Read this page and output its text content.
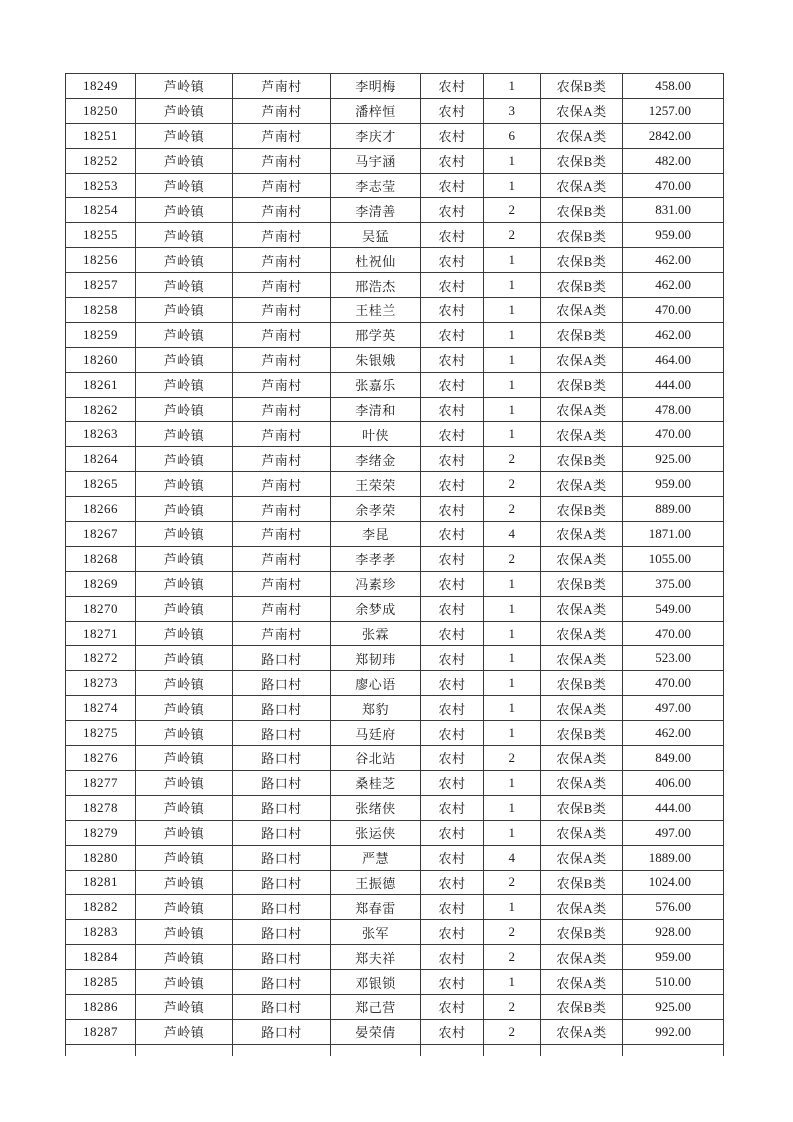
18249	芦岭镇	芦南村	李明梅	农村	1	农保B类	458.00
18250	芦岭镇	芦南村	潘梓恒	农村	3	农保A类	1257.00
18251	芦岭镇	芦南村	李庆才	农村	6	农保A类	2842.00
18252	芦岭镇	芦南村	马宇涵	农村	1	农保B类	482.00
18253	芦岭镇	芦南村	李志莹	农村	1	农保A类	470.00
18254	芦岭镇	芦南村	李清善	农村	2	农保B类	831.00
18255	芦岭镇	芦南村	吴猛	农村	2	农保B类	959.00
18256	芦岭镇	芦南村	杜祝仙	农村	1	农保B类	462.00
18257	芦岭镇	芦南村	邢浩杰	农村	1	农保B类	462.00
18258	芦岭镇	芦南村	王桂兰	农村	1	农保A类	470.00
18259	芦岭镇	芦南村	邢学英	农村	1	农保B类	462.00
18260	芦岭镇	芦南村	朱银娥	农村	1	农保A类	464.00
18261	芦岭镇	芦南村	张嘉乐	农村	1	农保B类	444.00
18262	芦岭镇	芦南村	李清和	农村	1	农保A类	478.00
18263	芦岭镇	芦南村	叶侠	农村	1	农保A类	470.00
18264	芦岭镇	芦南村	李绪金	农村	2	农保B类	925.00
18265	芦岭镇	芦南村	王荣荣	农村	2	农保A类	959.00
18266	芦岭镇	芦南村	余孝荣	农村	2	农保B类	889.00
18267	芦岭镇	芦南村	李昆	农村	4	农保A类	1871.00
18268	芦岭镇	芦南村	李孝孝	农村	2	农保A类	1055.00
18269	芦岭镇	芦南村	冯素珍	农村	1	农保B类	375.00
18270	芦岭镇	芦南村	余梦成	农村	1	农保A类	549.00
18271	芦岭镇	芦南村	张霖	农村	1	农保A类	470.00
18272	芦岭镇	路口村	郑韧玮	农村	1	农保A类	523.00
18273	芦岭镇	路口村	廖心语	农村	1	农保B类	470.00
18274	芦岭镇	路口村	郑豹	农村	1	农保A类	497.00
18275	芦岭镇	路口村	马廷府	农村	1	农保B类	462.00
18276	芦岭镇	路口村	谷北站	农村	2	农保A类	849.00
18277	芦岭镇	路口村	桑桂芝	农村	1	农保A类	406.00
18278	芦岭镇	路口村	张绪侠	农村	1	农保B类	444.00
18279	芦岭镇	路口村	张运侠	农村	1	农保A类	497.00
18280	芦岭镇	路口村	严慧	农村	4	农保A类	1889.00
18281	芦岭镇	路口村	王振德	农村	2	农保B类	1024.00
18282	芦岭镇	路口村	郑春雷	农村	1	农保A类	576.00
18283	芦岭镇	路口村	张军	农村	2	农保B类	928.00
18284	芦岭镇	路口村	郑夫祥	农村	2	农保A类	959.00
18285	芦岭镇	路口村	邓银锁	农村	1	农保A类	510.00
18286	芦岭镇	路口村	郑己营	农村	2	农保B类	925.00
18287	芦岭镇	路口村	晏荣倩	农村	2	农保A类	992.00
